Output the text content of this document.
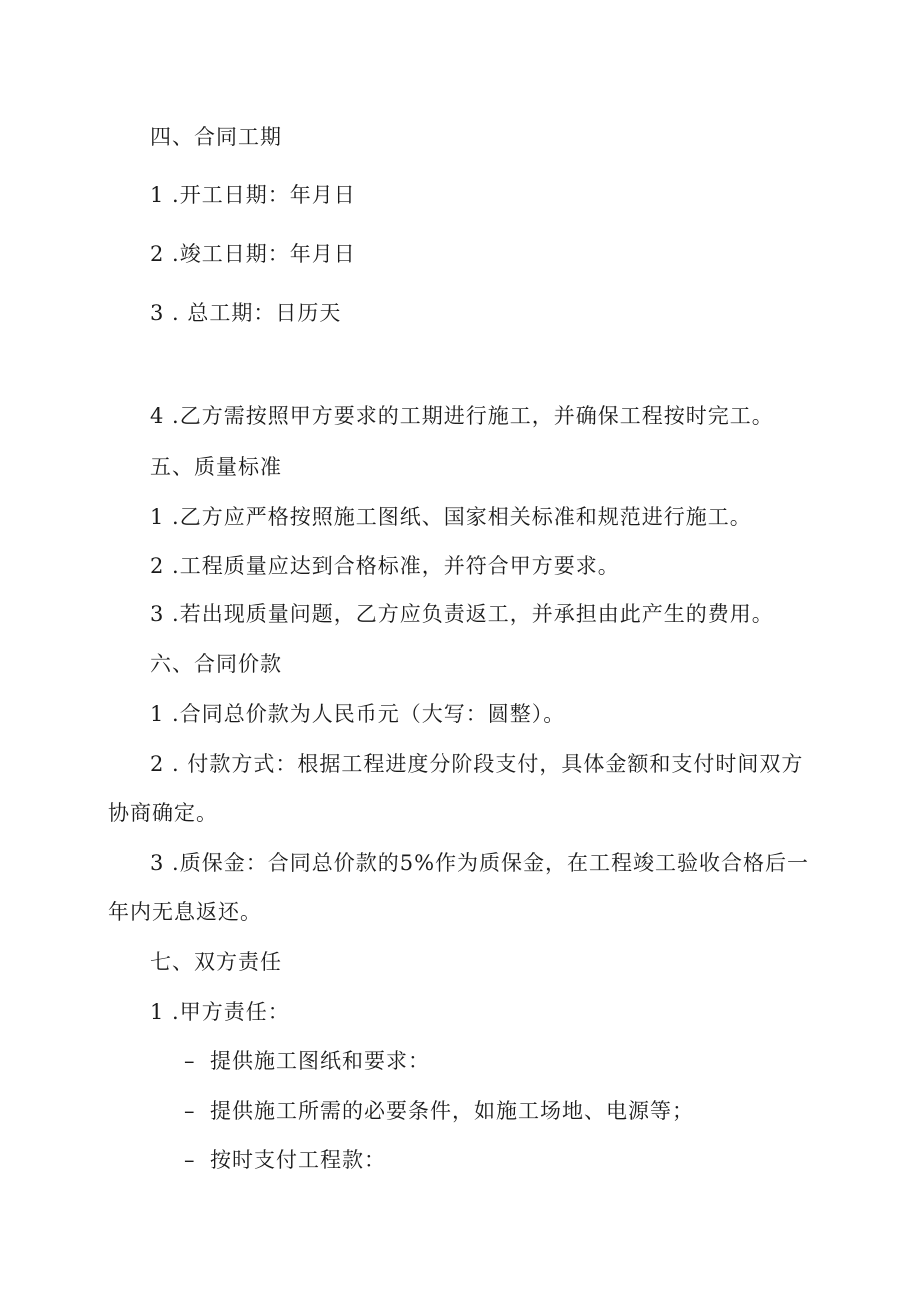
四、合同工期
1 .开工日期：年月日
2 .竣工日期：年月日
3 . 总工期：日历天
4 .乙方需按照甲方要求的工期进行施工，并确保工程按时完工。
五、质量标准
1 .乙方应严格按照施工图纸、国家相关标准和规范进行施工。
2 .工程质量应达到合格标准，并符合甲方要求。
3 .若出现质量问题，乙方应负责返工，并承担由此产生的费用。
六、合同价款
1 .合同总价款为人民币元（大写：圆整）。
2 . 付款方式：根据工程进度分阶段支付，具体金额和支付时间双方
协商确定。
3 .质保金：合同总价款的5%作为质保金，在工程竣工验收合格后一
年内无息返还。
七、双方责任
1 .甲方责任：
– 提供施工图纸和要求：
– 提供施工所需的必要条件，如施工场地、电源等；
– 按时支付工程款：
